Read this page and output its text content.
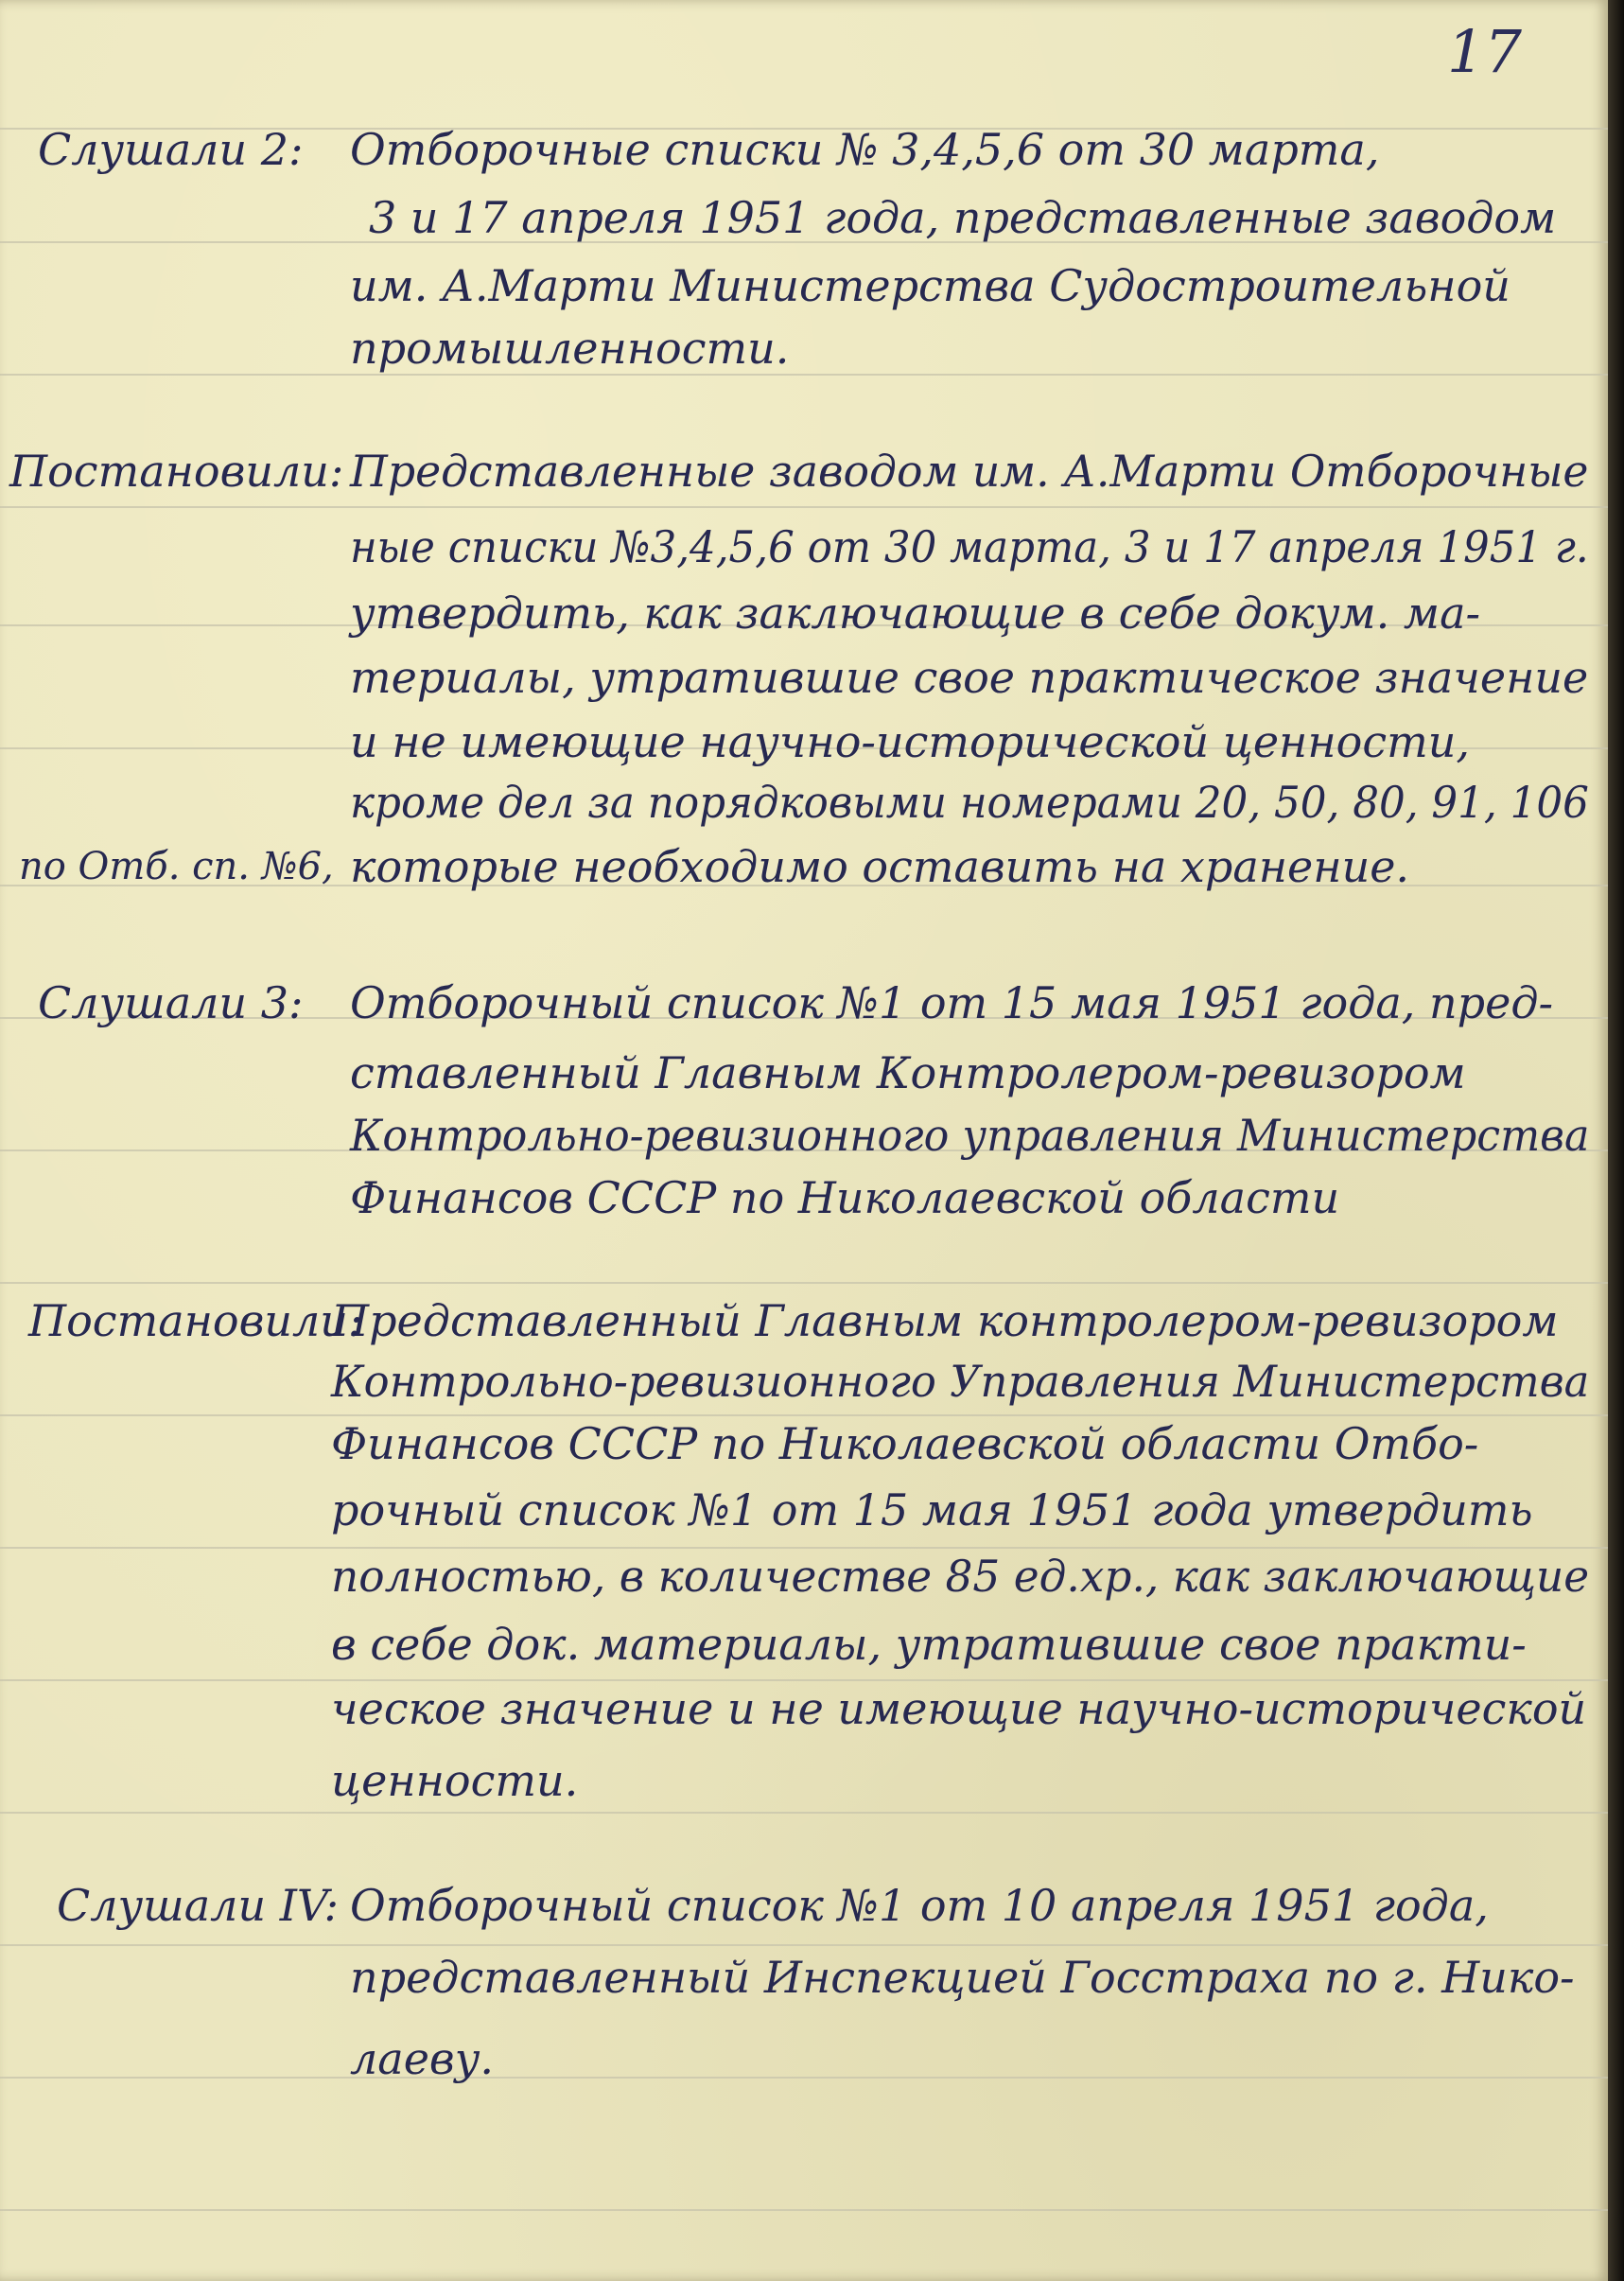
17
Слушали 2: Отборочные списки № 3,4,5,6 от 30 марта,
3 и 17 апреля 1951 года, представленные заводом
им. А.Марти Министерства Судостроительной
промышленности.
Постановили: Представленные заводом им. А.Марти Отборочные
ные списки №3,4,5,6 от 30 марта, 3 и 17 апреля 1951 г.
утвердить, как заключающие в себе докум. ма-
териалы, утратившие свое практическое значение
и не имеющие научно-исторической ценности,
кроме дел за порядковыми номерами 20, 50, 80, 91, 106
по Отб. сп. №6, которые необходимо оставить на хранение.
Слушали 3: Отборочный список №1 от 15 мая 1951 года, пред-
ставленный Главным Контролером-ревизором
Контрольно-ревизионного управления Министерства
Финансов СССР по Николаевской области
Постановили:
Представленный Главным контролером-ревизором
Контрольно-ревизионного Управления Министерства
Финансов СССР по Николаевской области Отбо-
рочный список №1 от 15 мая 1951 года утвердить
полностью, в количестве 85 ед.хр., как заключающие
в себе док. материалы, утратившие свое практи-
ческое значение и не имеющие научно-исторической
ценности.
Слушали IV: Отборочный список №1 от 10 апреля 1951 года,
представленный Инспекцией Госстраха по г. Нико-
лаеву.
